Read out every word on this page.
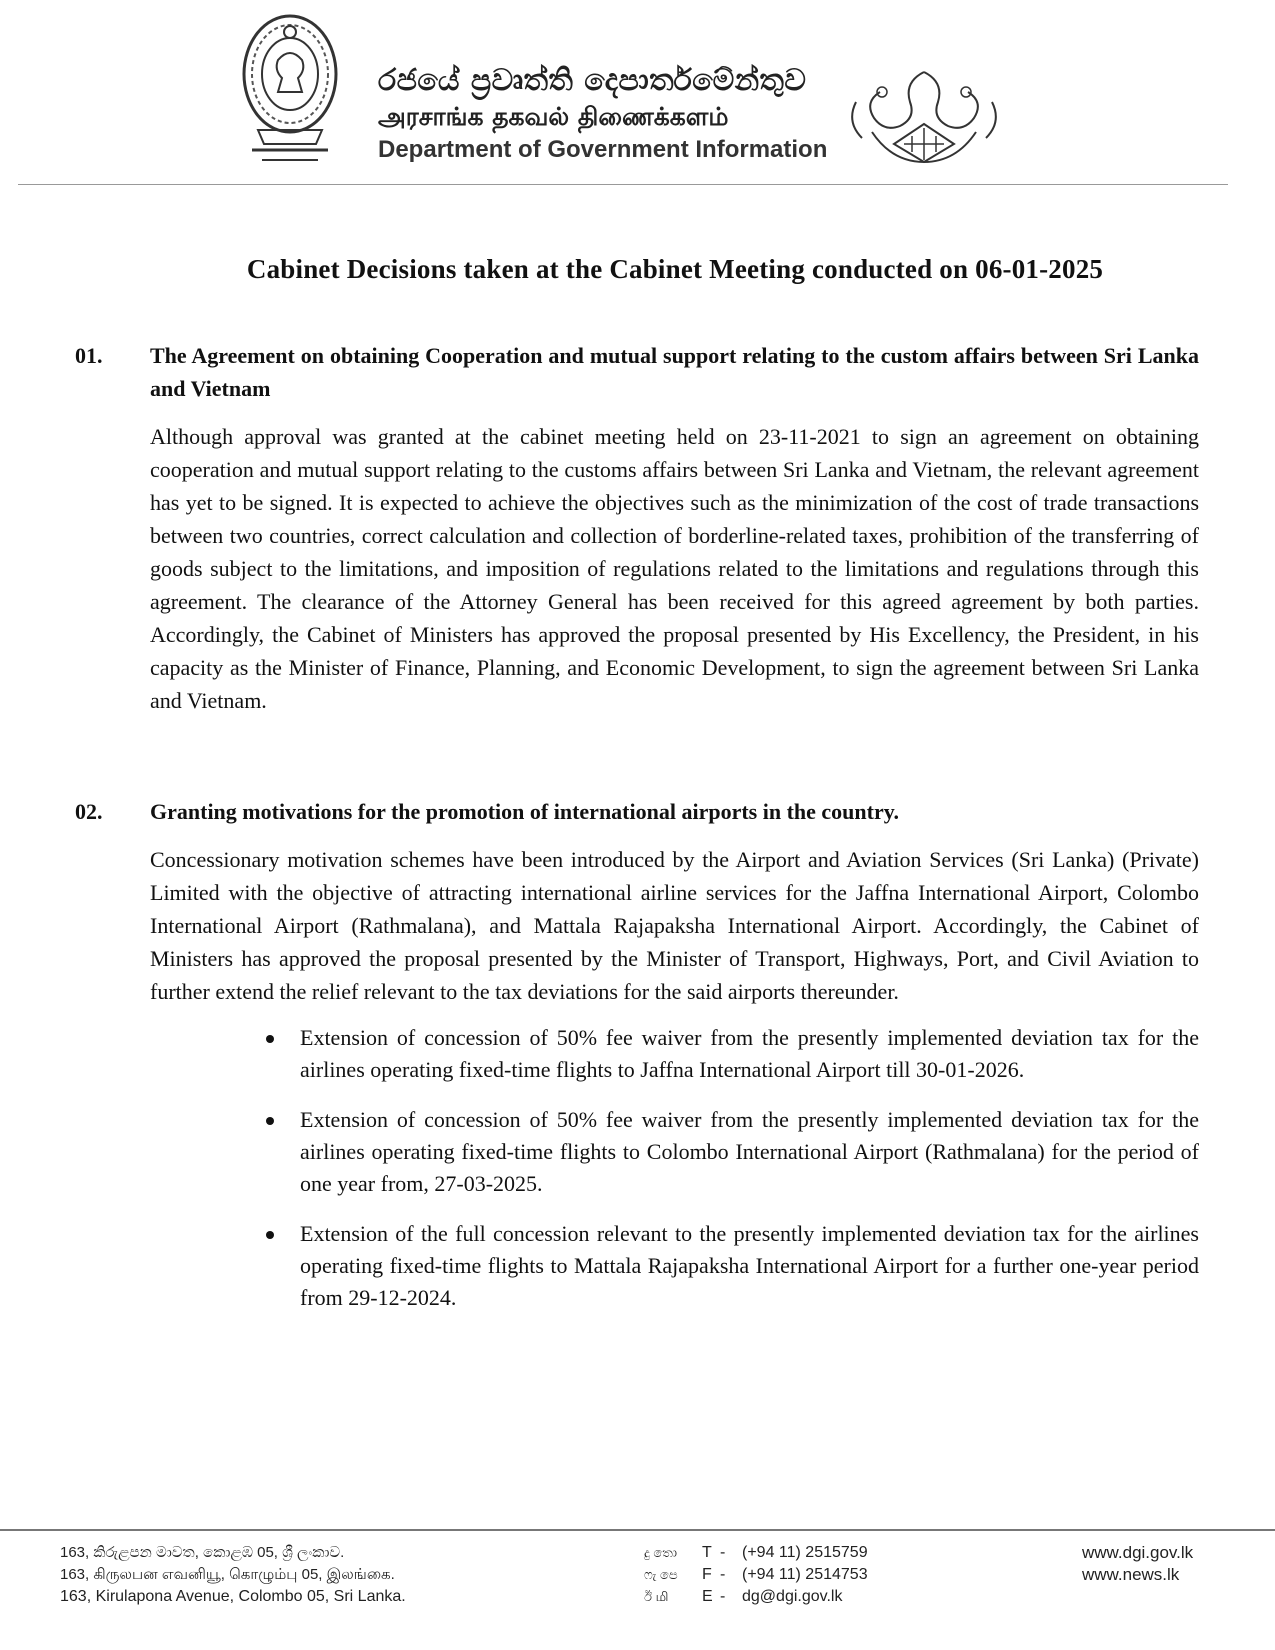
රජයේ ප්‍රවෘත්ති දෙපාර්තමේන්තුව
அரசாங்க தகவல் திணைக்களம்
Department of Government Information
Cabinet Decisions taken at the Cabinet Meeting conducted on 06-01-2025
01. The Agreement on obtaining Cooperation and mutual support relating to the custom affairs between Sri Lanka and Vietnam

Although approval was granted at the cabinet meeting held on 23-11-2021 to sign an agreement on obtaining cooperation and mutual support relating to the customs affairs between Sri Lanka and Vietnam, the relevant agreement has yet to be signed. It is expected to achieve the objectives such as the minimization of the cost of trade transactions between two countries, correct calculation and collection of borderline-related taxes, prohibition of the transferring of goods subject to the limitations, and imposition of regulations related to the limitations and regulations through this agreement. The clearance of the Attorney General has been received for this agreed agreement by both parties. Accordingly, the Cabinet of Ministers has approved the proposal presented by His Excellency, the President, in his capacity as the Minister of Finance, Planning, and Economic Development, to sign the agreement between Sri Lanka and Vietnam.

02. Granting motivations for the promotion of international airports in the country.

Concessionary motivation schemes have been introduced by the Airport and Aviation Services (Sri Lanka) (Private) Limited with the objective of attracting international airline services for the Jaffna International Airport, Colombo International Airport (Rathmalana), and Mattala Rajapaksha International Airport. Accordingly, the Cabinet of Ministers has approved the proposal presented by the Minister of Transport, Highways, Port, and Civil Aviation to further extend the relief relevant to the tax deviations for the said airports thereunder.

Extension of concession of 50% fee waiver from the presently implemented deviation tax for the airlines operating fixed-time flights to Jaffna International Airport till 30-01-2026.
Extension of concession of 50% fee waiver from the presently implemented deviation tax for the airlines operating fixed-time flights to Colombo International Airport (Rathmalana) for the period of one year from, 27-03-2025.
Extension of the full concession relevant to the presently implemented deviation tax for the airlines operating fixed-time flights to Mattala Rajapaksha International Airport for a further one-year period from 29-12-2024.
163, කිරුළපන මාවත, කොළඹ 05, ශ්‍රී ලංකාව.
163, கிருலபன எவனியூ, கொழும்பு 05, இலங்கை.
163, Kirulapona Avenue, Colombo 05, Sri Lanka.
දු තො T - (+94 11) 2515759
ෆැ පෙ F - (+94 11) 2514753
ඊ மி E - dg@dgi.gov.lk
www.dgi.gov.lk
www.news.lk
